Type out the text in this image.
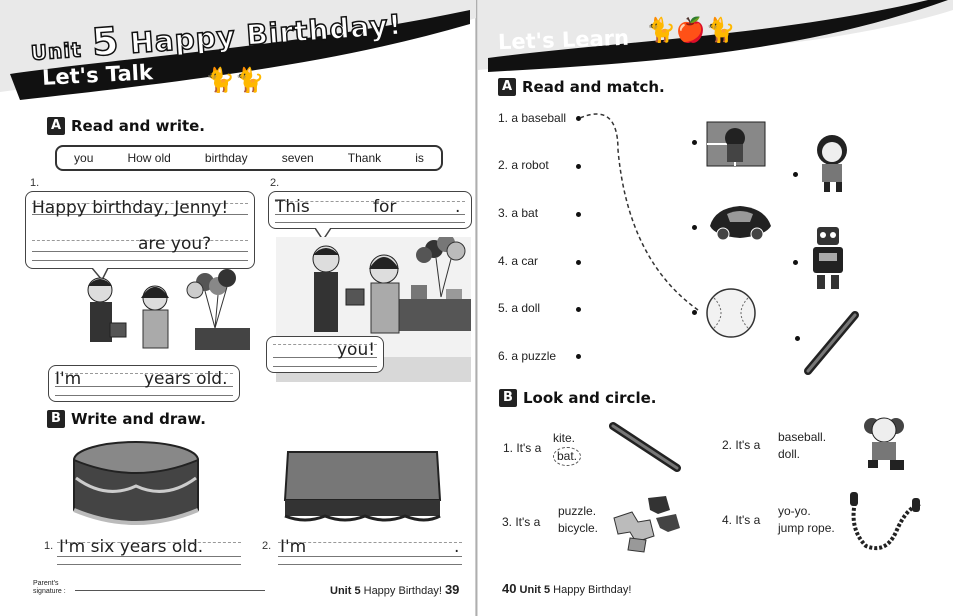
Unit 5 Happy Birthday!
Let's Talk 🐈🐈
A Read and write.
you	How old	birthday	seven	Thank	is
1.
Happy birthday, Jenny!
are you?
I'm	years old.
2.
This	for	.
you!
B Write and draw.
1. I'm six years old.	2. I'm	.
Parent's signature :	Unit 5 Happy Birthday! 39
Let's Learn 🐈🍎🐈
A Read and match.
1. a baseball
2. a robot
3. a bat
4. a car
5. a doll
6. a puzzle
B Look and circle.
1. It's a
kite.
bat.
2. It's a
baseball.
doll.
3. It's a
puzzle.
bicycle.
4. It's a
yo-yo.
jump rope.
40 Unit 5 Happy Birthday!
